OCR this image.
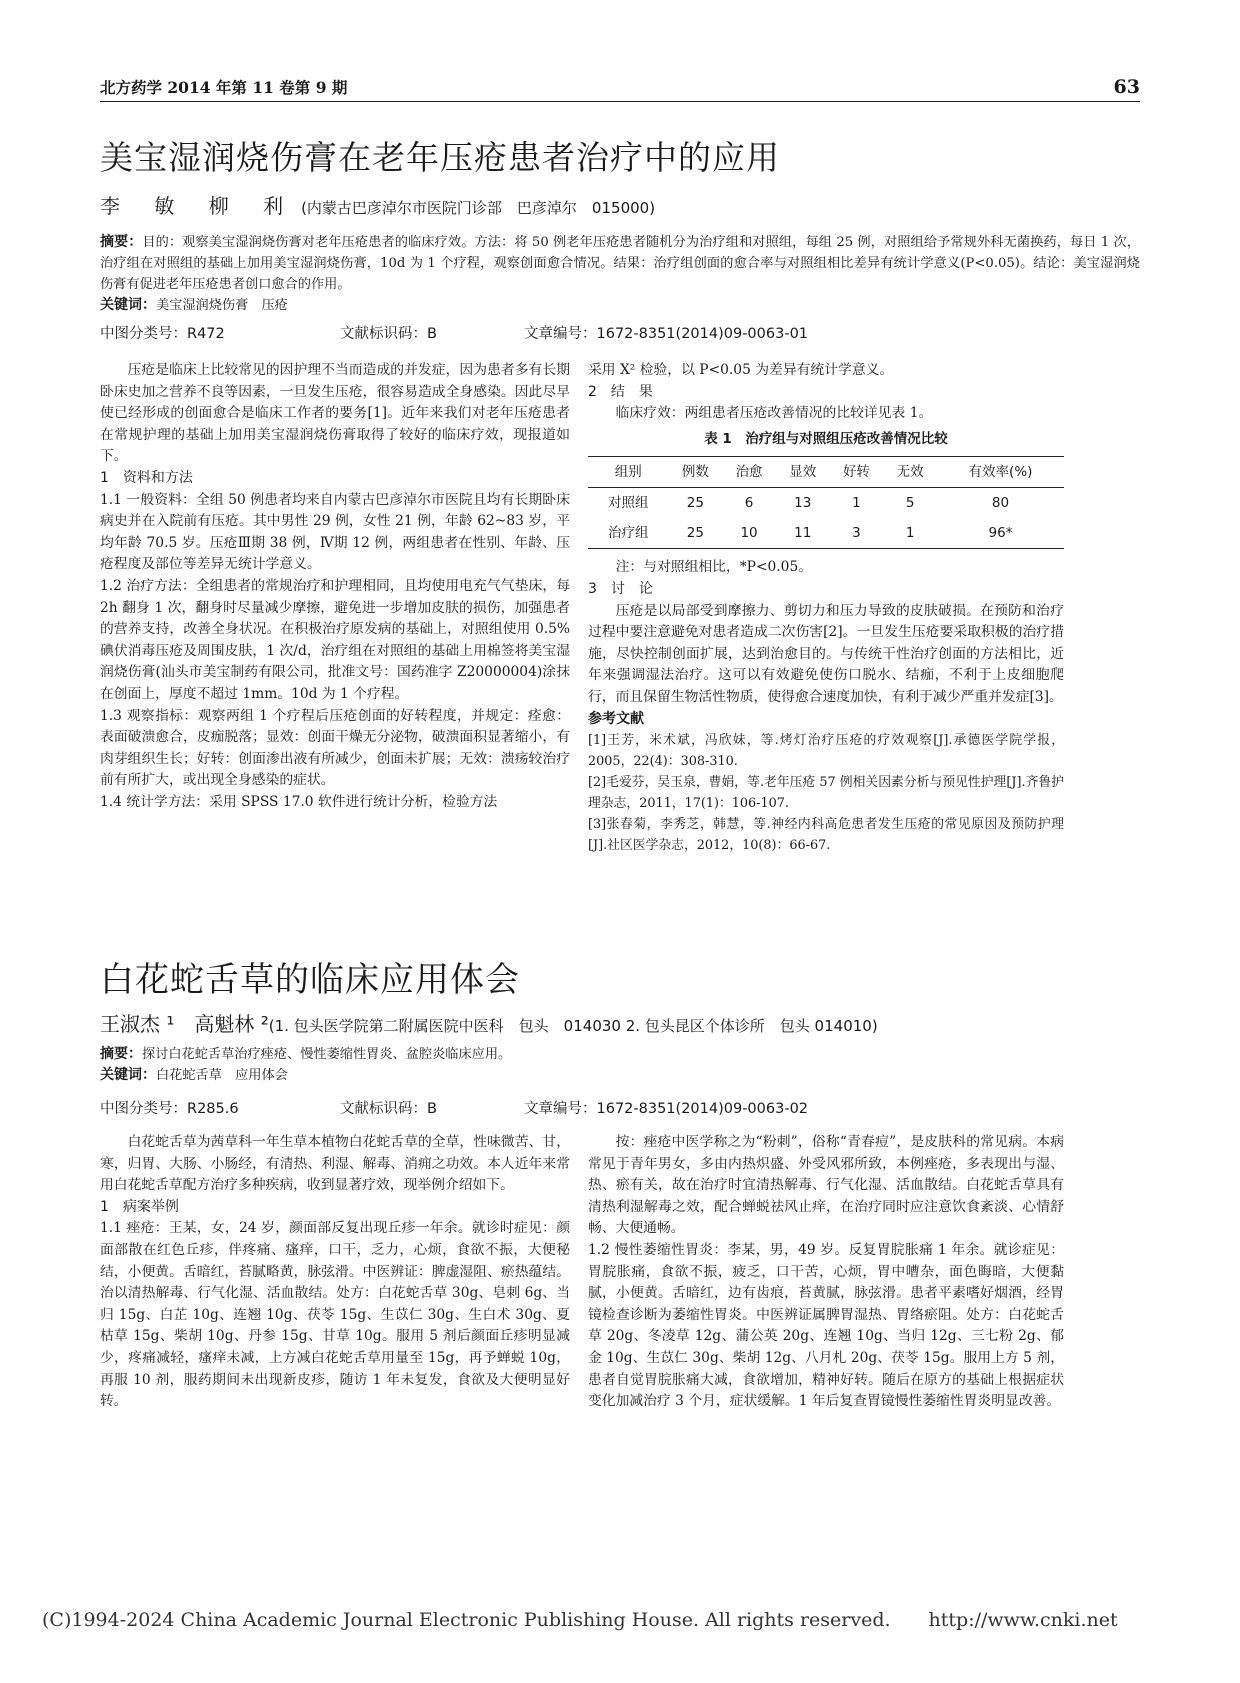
北方药学 2014 年第 11 卷第 9 期	63
美宝湿润烧伤膏在老年压疮患者治疗中的应用
李 敏 柳 利 (内蒙古巴彦淖尔市医院门诊部　巴彦淖尔　015000)
摘要：目的：观察美宝湿润烧伤膏对老年压疮患者的临床疗效。方法：将 50 例老年压疮患者随机分为治疗组和对照组，每组 25 例，对照组给予常规外科无菌换药，每日 1 次，治疗组在对照组的基础上加用美宝湿润烧伤膏，10d 为 1 个疗程，观察创面愈合情况。结果：治疗组创面的愈合率与对照组相比差异有统计学意义(P<0.05)。结论：美宝湿润烧伤膏有促进老年压疮患者创口愈合的作用。
关键词：美宝湿润烧伤膏　压疮
中图分类号：R472	文献标识码：B	文章编号：1672-8351(2014)09-0063-01

压疮是临床上比较常见的因护理不当而造成的并发症，因为患者多有长期卧床史加之营养不良等因素，一旦发生压疮，很容易造成全身感染。因此尽早使已经形成的创面愈合是临床工作者的要务[1]。近年来我们对老年压疮患者在常规护理的基础上加用美宝湿润烧伤膏取得了较好的临床疗效，现报道如下。

1　资料和方法

1.1 一般资料：全组 50 例患者均来自内蒙古巴彦淖尔市医院且均有长期卧床病史并在入院前有压疮。其中男性 29 例，女性 21 例，年龄 62~83 岁，平均年龄 70.5 岁。压疮Ⅲ期 38 例，Ⅳ期 12 例，两组患者在性别、年龄、压疮程度及部位等差异无统计学意义。

1.2 治疗方法：全组患者的常规治疗和护理相同，且均使用电充气气垫床，每 2h 翻身 1 次，翻身时尽量减少摩擦，避免进一步增加皮肤的损伤，加强患者的营养支持，改善全身状况。在积极治疗原发病的基础上，对照组使用 0.5%碘伏消毒压疮及周围皮肤，1 次/d，治疗组在对照组的基础上用棉签将美宝湿润烧伤膏(汕头市美宝制药有限公司，批准文号：国药准字 Z20000004)涂抹在创面上，厚度不超过 1mm。10d 为 1 个疗程。

1.3 观察指标：观察两组 1 个疗程后压疮创面的好转程度，并规定：痊愈：表面破溃愈合，皮痂脱落；显效：创面干燥无分泌物，破溃面积显著缩小，有肉芽组织生长；好转：创面渗出液有所减少，创面未扩展；无效：溃疡较治疗前有所扩大，或出现全身感染的症状。

1.4 统计学方法：采用 SPSS 17.0 软件进行统计分析，检验方法

采用 X² 检验，以 P<0.05 为差异有统计学意义。

2　结　果

临床疗效：两组患者压疮改善情况的比较详见表 1。

表 1　治疗组与对照组压疮改善情况比较
组别	例数	治愈	显效	好转	无效	有效率(%)
对照组	25	6	13	1	5	80
治疗组	25	10	11	3	1	96*

注：与对照组相比，*P<0.05。

3　讨　论

压疮是以局部受到摩擦力、剪切力和压力导致的皮肤破损。在预防和治疗过程中要注意避免对患者造成二次伤害[2]。一旦发生压疮要采取积极的治疗措施，尽快控制创面扩展，达到治愈目的。与传统干性治疗创面的方法相比，近年来强调湿法治疗。这可以有效避免使伤口脱水、结痂，不利于上皮细胞爬行，而且保留生物活性物质，使得愈合速度加快，有利于减少严重并发症[3]。

参考文献

[1]王芳，米术斌，冯欣妹，等.烤灯治疗压疮的疗效观察[J].承德医学院学报，2005，22(4)：308-310.

[2]毛爱芬，吴玉泉，曹娟，等.老年压疮 57 例相关因素分析与预见性护理[J].齐鲁护理杂志，2011，17(1)：106-107.

[3]张春菊，李秀芝，韩慧，等.神经内科高危患者发生压疮的常见原因及预防护理[J].社区医学杂志，2012，10(8)：66-67.

白花蛇舌草的临床应用体会
王淑杰 ¹　高魁林 ²(1. 包头医学院第二附属医院中医科　包头　014030 2. 包头昆区个体诊所　包头 014010)
摘要：探讨白花蛇舌草治疗痤疮、慢性萎缩性胃炎、盆腔炎临床应用。
关键词：白花蛇舌草　应用体会
中图分类号：R285.6	文献标识码：B	文章编号：1672-8351(2014)09-0063-02

白花蛇舌草为茜草科一年生草本植物白花蛇舌草的全草，性味微苦、甘，寒，归胃、大肠、小肠经，有清热、利湿、解毒、消痈之功效。本人近年来常用白花蛇舌草配方治疗多种疾病，收到显著疗效，现举例介绍如下。

1　病案举例

1.1 痤疮：王某，女，24 岁，颜面部反复出现丘疹一年余。就诊时症见：颜面部散在红色丘疹，伴疼痛、瘙痒，口干，乏力，心烦，食欲不振，大便秘结，小便黄。舌暗红，苔腻略黄，脉弦滑。中医辨证：脾虚湿阻、瘀热蕴结。治以清热解毒、行气化湿、活血散结。处方：白花蛇舌草 30g、皂刺 6g、当归 15g、白芷 10g、连翘 10g、茯苓 15g、生苡仁 30g、生白术 30g、夏枯草 15g、柴胡 10g、丹参 15g、甘草 10g。服用 5 剂后颜面丘疹明显减少，疼痛减轻，瘙痒未减，上方减白花蛇舌草用量至 15g，再予蝉蜕 10g，再服 10 剂，服药期间未出现新皮疹，随访 1 年未复发，食欲及大便明显好转。

按：痤疮中医学称之为“粉刺”，俗称“青春痘”，是皮肤科的常见病。本病常见于青年男女，多由内热炽盛、外受风邪所致，本例痤疮，多表现出与湿、热、瘀有关，故在治疗时宜清热解毒、行气化湿、活血散结。白花蛇舌草具有清热利湿解毒之效，配合蝉蜕祛风止痒，在治疗同时应注意饮食紊淡、心情舒畅、大便通畅。

1.2 慢性萎缩性胃炎：李某，男，49 岁。反复胃脘胀痛 1 年余。就诊症见：胃脘胀痛，食欲不振，疲乏，口干苦，心烦，胃中嘈杂，面色晦暗，大便黏腻，小便黄。舌暗红，边有齿痕，苔黄腻，脉弦滑。患者平素嗜好烟酒，经胃镜检查诊断为萎缩性胃炎。中医辨证属脾胃湿热、胃络瘀阻。处方：白花蛇舌草 20g、冬凌草 12g、蒲公英 20g、连翘 10g、当归 12g、三七粉 2g、郁金 10g、生苡仁 30g、柴胡 12g、八月札 20g、茯苓 15g。服用上方 5 剂，患者自觉胃脘胀痛大减，食欲增加，精神好转。随后在原方的基础上根据症状变化加减治疗 3 个月，症状缓解。1 年后复查胃镜慢性萎缩性胃炎明显改善。

(C)1994-2024 China Academic Journal Electronic Publishing House. All rights reserved.　　http://www.cnki.net
